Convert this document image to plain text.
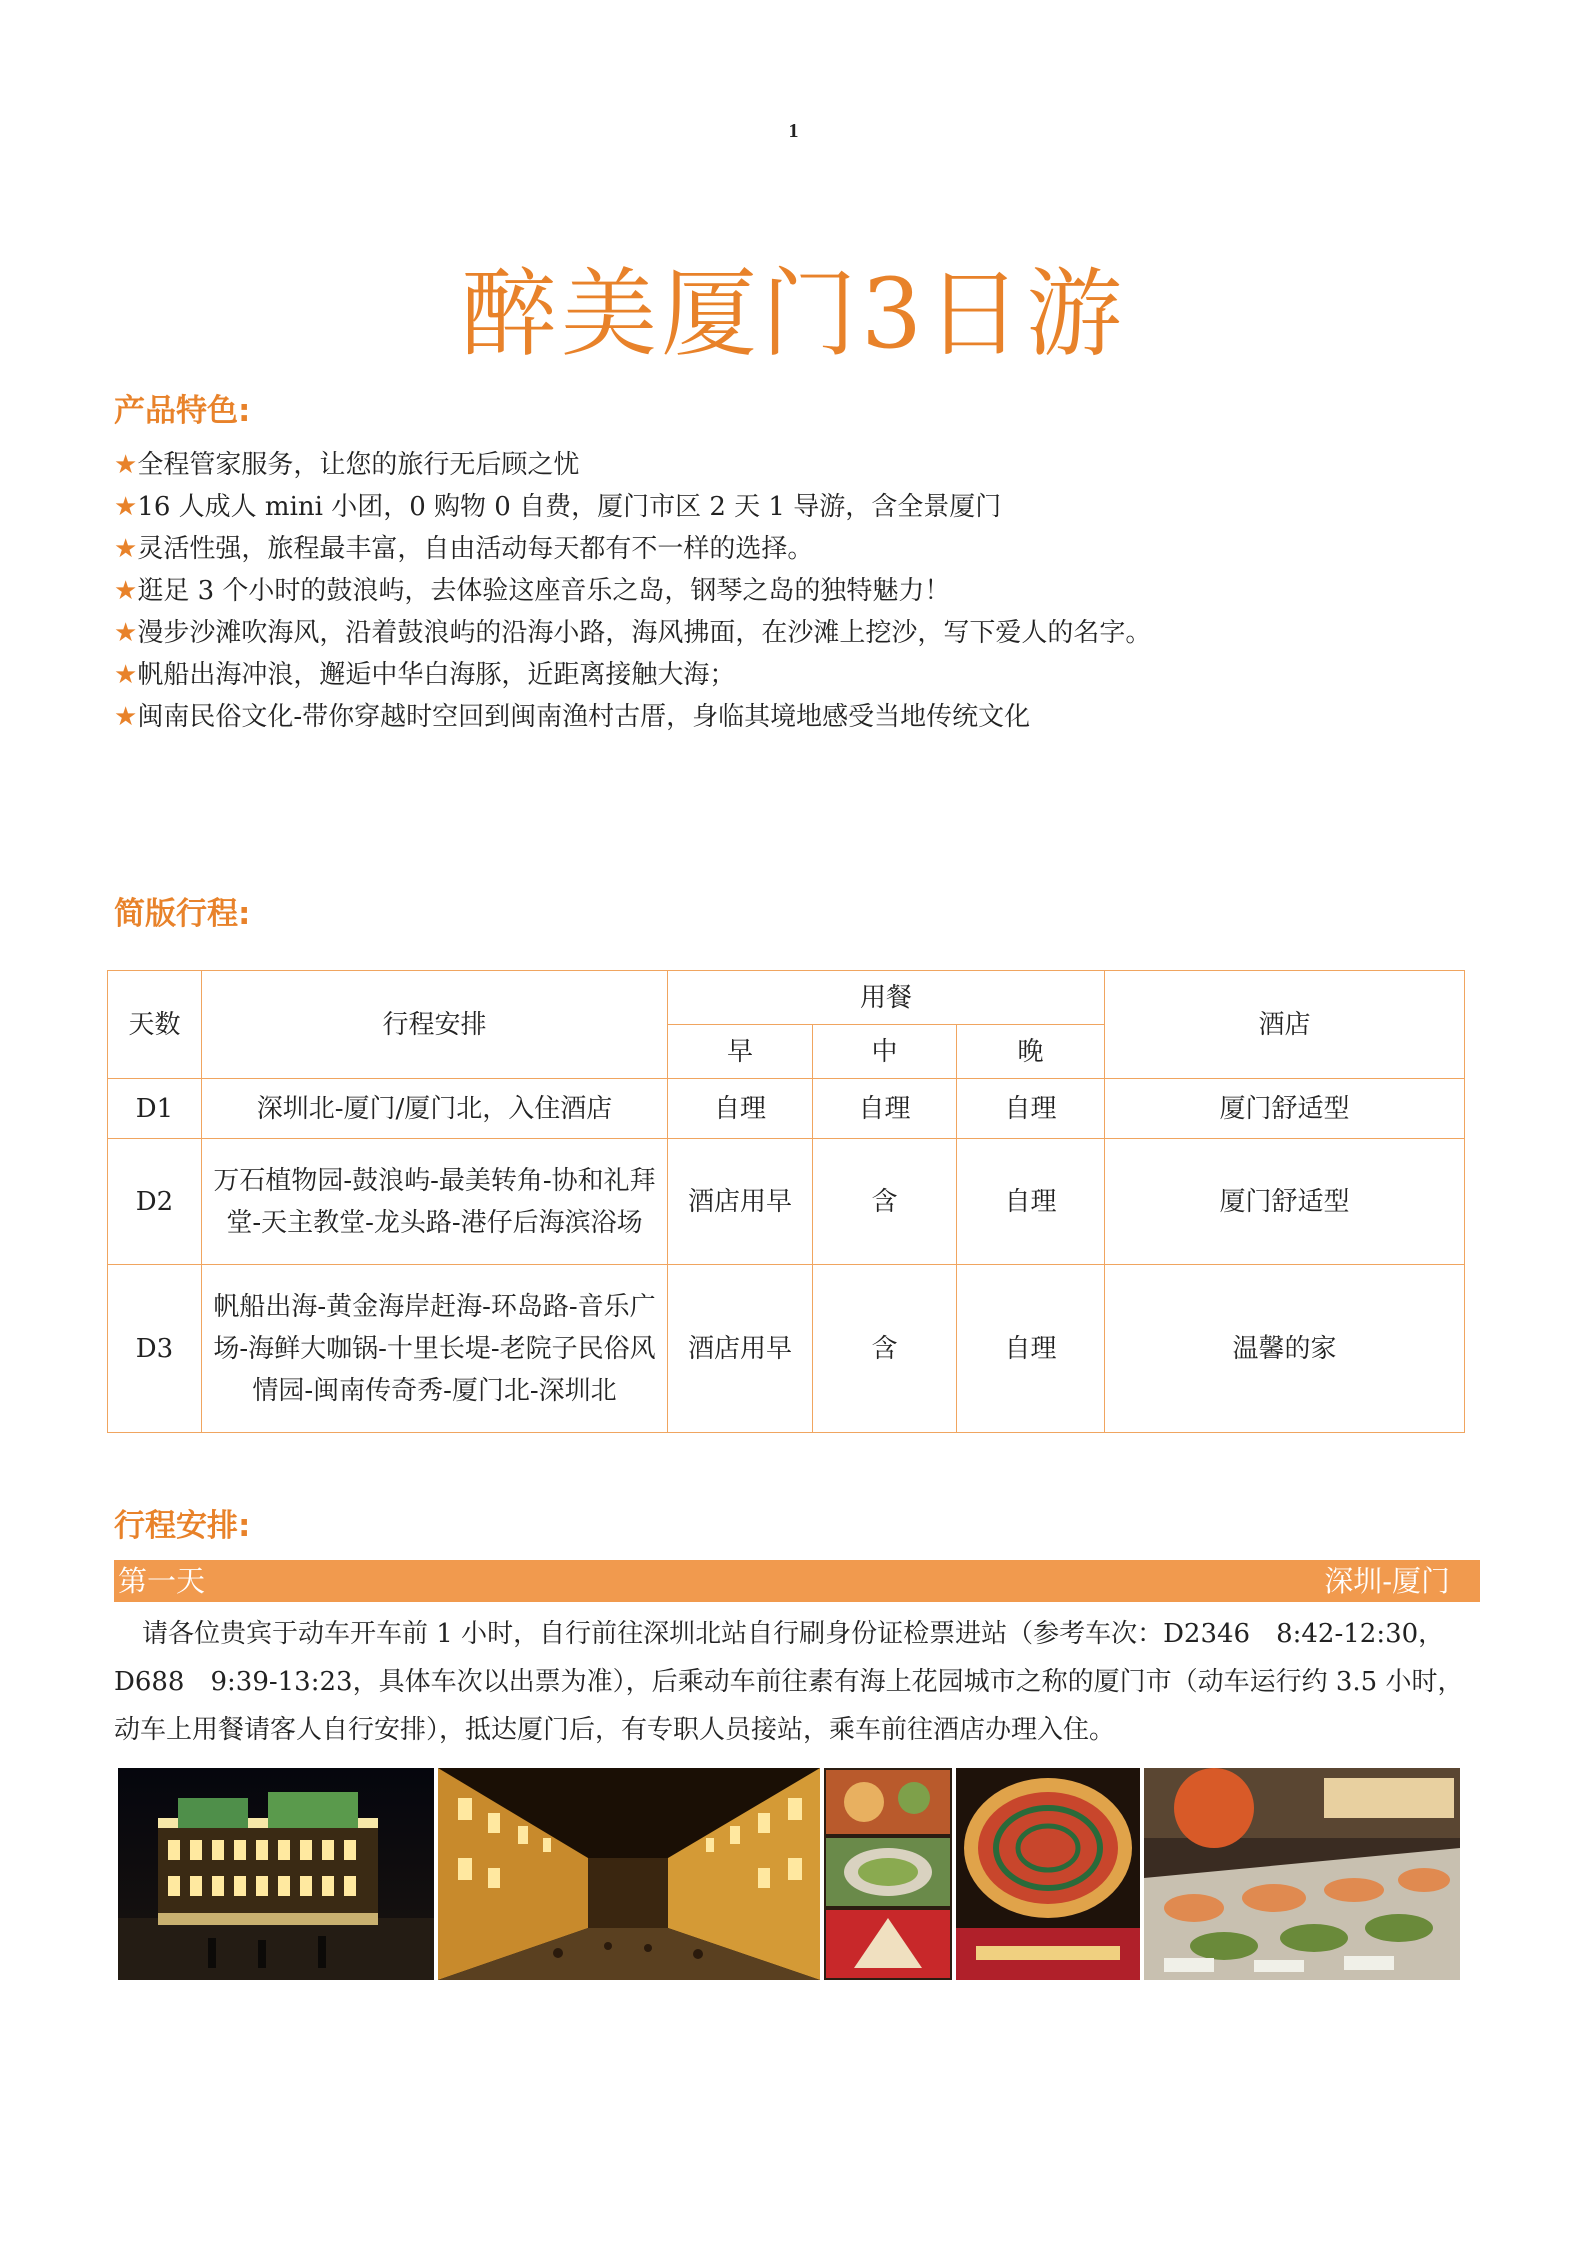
1
醉美厦门3日游
产品特色:
★全程管家服务，让您的旅行无后顾之忧
★16 人成人 mini 小团，0 购物 0 自费，厦门市区 2 天 1 导游，含全景厦门
★灵活性强，旅程最丰富，自由活动每天都有不一样的选择。
★逛足 3 个小时的鼓浪屿，去体验这座音乐之岛，钢琴之岛的独特魅力！
★漫步沙滩吹海风，沿着鼓浪屿的沿海小路，海风拂面，在沙滩上挖沙，写下爱人的名字。
★帆船出海冲浪，邂逅中华白海豚，近距离接触大海；
★闽南民俗文化-带你穿越时空回到闽南渔村古厝，身临其境地感受当地传统文化
简版行程:
天数	行程安排	用餐			酒店
		早	中	晚	
D1	深圳北-厦门/厦门北，入住酒店	自理	自理	自理	厦门舒适型
D2	万石植物园-鼓浪屿-最美转角-协和礼拜堂-天主教堂-龙头路-港仔后海滨浴场	酒店用早	含	自理	厦门舒适型
D3	帆船出海-黄金海岸赶海-环岛路-音乐广场-海鲜大咖锅-十里长堤-老院子民俗风情园-闽南传奇秀-厦门北-深圳北	酒店用早	含	自理	温馨的家
行程安排:
第一天	深圳-厦门

请各位贵宾于动车开车前 1 小时，自行前往深圳北站自行刷身份证检票进站（参考车次：D2346　8:42-12:30，D688　9:39-13:23，具体车次以出票为准），后乘动车前往素有海上花园城市之称的厦门市（动车运行约 3.5 小时，动车上用餐请客人自行安排），抵达厦门后，有专职人员接站，乘车前往酒店办理入住。
